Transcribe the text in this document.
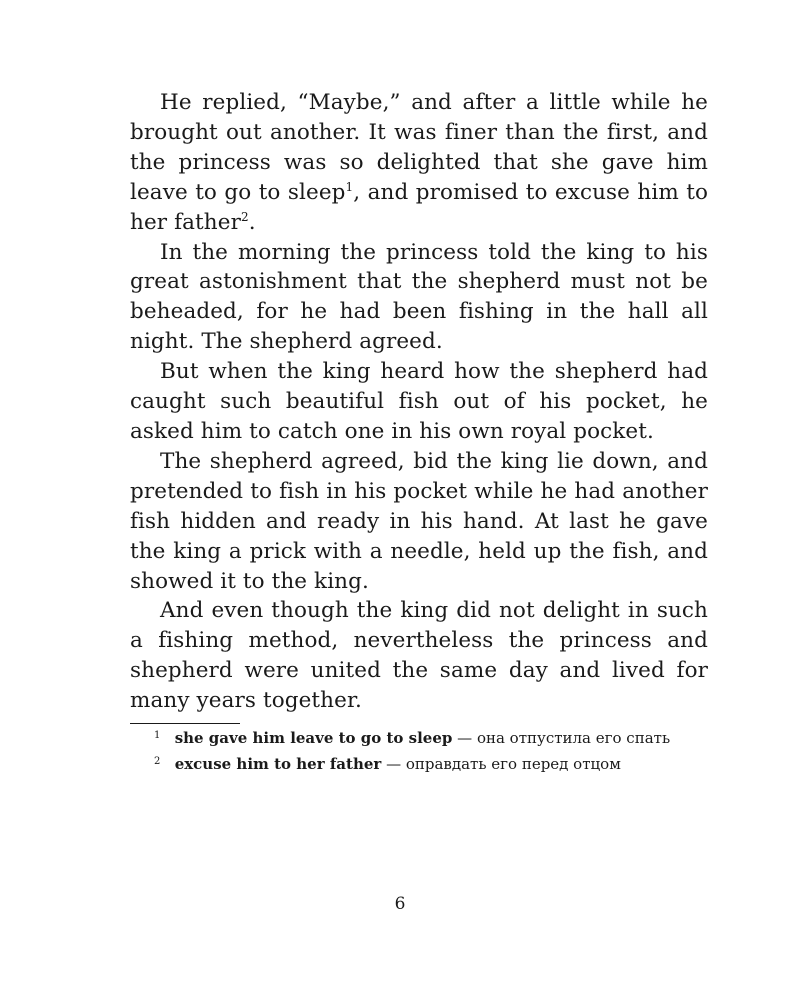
He replied, “Maybe,” and after a little while he brought out another. It was finer than the first, and the princess was so delighted that she gave him leave to go to sleep$^1$, and promised to excuse him to her father$^2$.

In the morning the princess told the king to his great astonishment that the shepherd must not be beheaded, for he had been fishing in the hall all night. The shepherd agreed.

But when the king heard how the shepherd had caught such beautiful fish out of his pocket, he asked him to catch one in his own royal pocket.

The shepherd agreed, bid the king lie down, and pretended to fish in his pocket while he had another fish hidden and ready in his hand. At last he gave the king a prick with a needle, held up the fish, and showed it to the king.

And even though the king did not delight in such a fishing method, nevertheless the princess and shepherd were united the same day and lived for many years together.

$^1$ she gave him leave to go to sleep — она отпустила его спать

$^2$ excuse him to her father — оправдать его перед отцом

6
